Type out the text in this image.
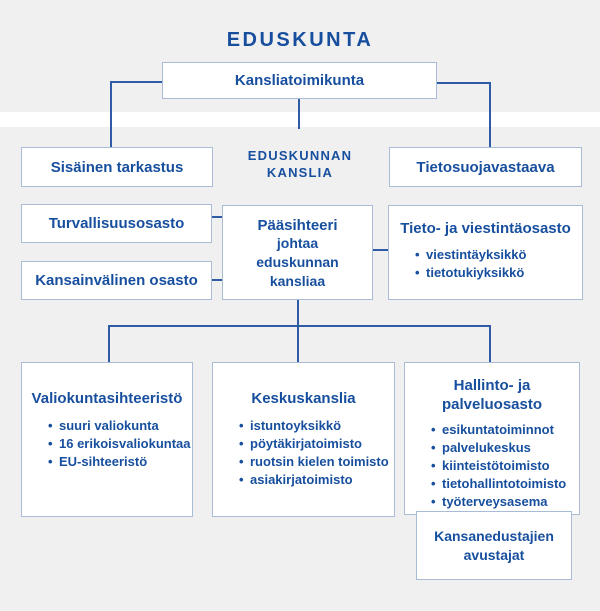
EDUSKUNTA
Kansliatoimikunta
Sisäinen tarkastus
EDUSKUNNAN
KANSLIA	Tietosuojavastaava
Turvallisuusosasto
Kansainvälinen osasto
Pääsihteeri
johtaa
eduskunnan
kansliaa
Tieto- ja viestintäosasto
• viestintäyksikkö
• tietotukiyksikkö
Valiokuntasihteeristö
• suuri valiokunta
• 16 erikoisvaliokuntaa
• EU-sihteeristö
Keskuskanslia
• istuntoyksikkö
• pöytäkirjatoimisto
• ruotsin kielen toimisto
• asiakirjatoimisto
Hallinto- ja
palveluosasto
• esikuntatoiminnot
• palvelukeskus
• kiinteistötoimisto
• tietohallintotoimisto
• työterveysasema
Kansanedustajien
avustajat
